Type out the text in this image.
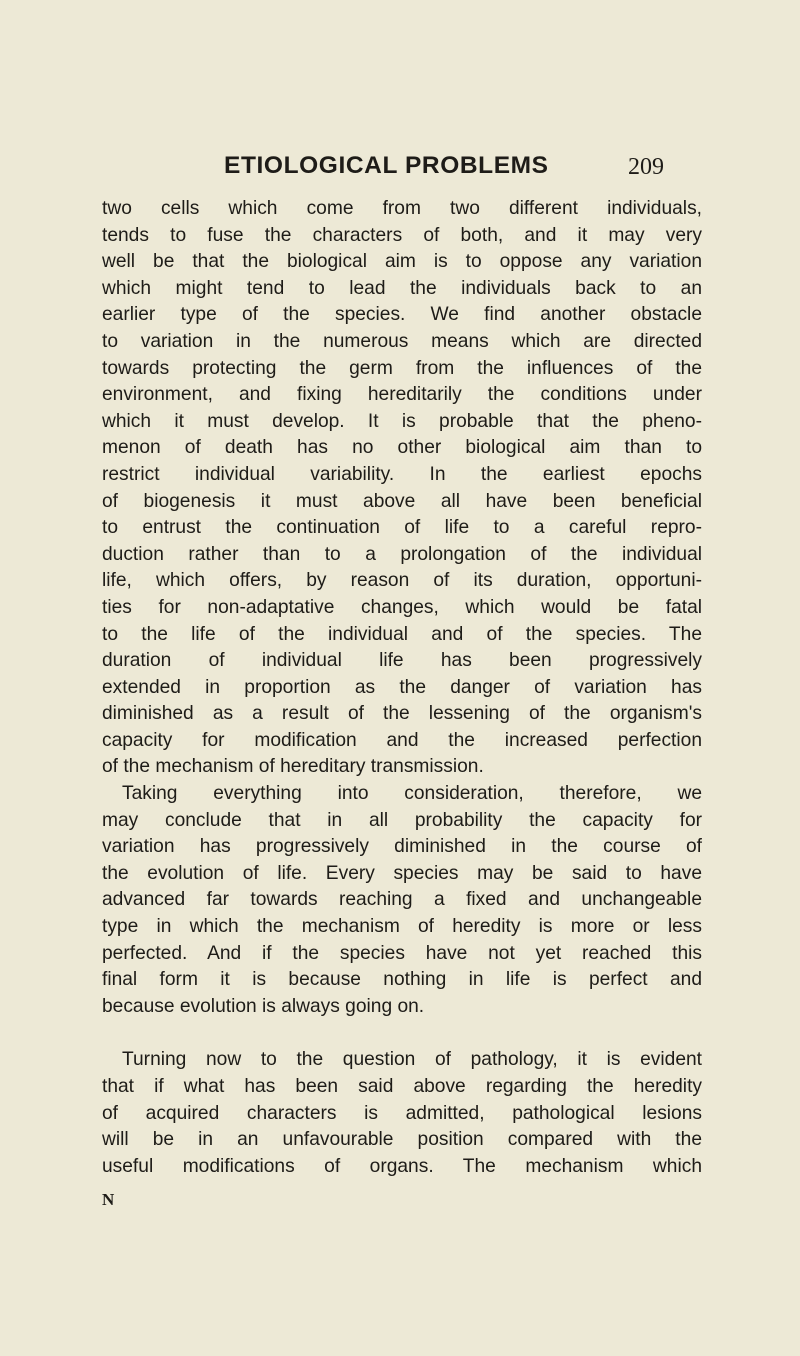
ETIOLOGICAL PROBLEMS	209
two cells which come from two different individuals,
tends to fuse the characters of both, and it may very
well be that the biological aim is to oppose any variation
which might tend to lead the individuals back to an
earlier type of the species. We find another obstacle
to variation in the numerous means which are directed
towards protecting the germ from the influences of the
environment, and fixing hereditarily the conditions under
which it must develop. It is probable that the pheno-
menon of death has no other biological aim than to
restrict individual variability. In the earliest epochs
of biogenesis it must above all have been beneficial
to entrust the continuation of life to a careful repro-
duction rather than to a prolongation of the individual
life, which offers, by reason of its duration, opportuni-
ties for non-adaptative changes, which would be fatal
to the life of the individual and of the species. The
duration of individual life has been progressively
extended in proportion as the danger of variation has
diminished as a result of the lessening of the organism's
capacity for modification and the increased perfection
of the mechanism of hereditary transmission.
Taking everything into consideration, therefore, we
may conclude that in all probability the capacity for
variation has progressively diminished in the course of
the evolution of life. Every species may be said to have
advanced far towards reaching a fixed and unchangeable
type in which the mechanism of heredity is more or less
perfected. And if the species have not yet reached this
final form it is because nothing in life is perfect and
because evolution is always going on.
Turning now to the question of pathology, it is evident
that if what has been said above regarding the heredity
of acquired characters is admitted, pathological lesions
will be in an unfavourable position compared with the
useful modifications of organs. The mechanism which
N
